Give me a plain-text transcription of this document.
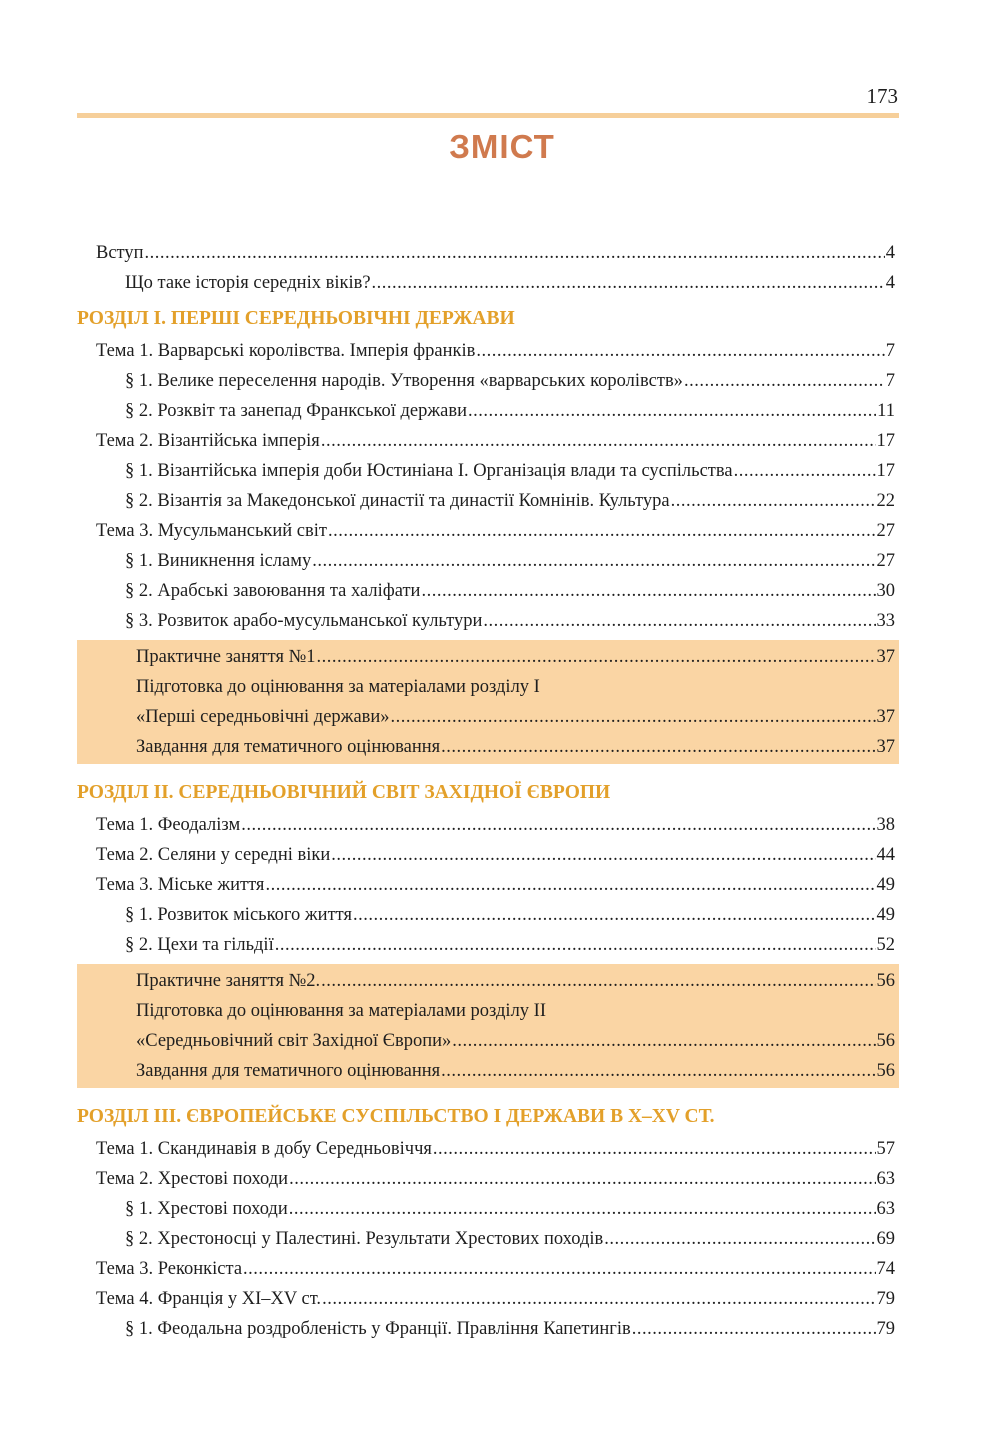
173
ЗМІСТ
Вступ .....	4
Що таке історія середніх віків? .....	4
РОЗДІЛ І. ПЕРШІ СЕРЕДНЬОВІЧНІ ДЕРЖАВИ
Тема 1. Варварські королівства. Імперія франків .....	7
§ 1. Велике переселення народів. Утворення «варварських королівств» .....	7
§ 2. Розквіт та занепад Франкської держави .....	11
Тема 2. Візантійська імперія .....	17
§ 1. Візантійська імперія доби Юстиніана І. Організація влади та суспільства .....	17
§ 2. Візантія за Македонської династії та династії Комнінів. Культура .....	22
Тема 3. Мусульманський світ .....	27
§ 1. Виникнення ісламу .....	27
§ 2. Арабські завоювання та халіфати .....	30
§ 3. Розвиток арабо-мусульманської культури .....	33
Практичне заняття №1 .....	37
Підготовка до оцінювання за матеріалами розділу І
«Перші середньовічні держави» .....	37
Завдання для тематичного оцінювання .....	37
РОЗДІЛ ІІ. СЕРЕДНЬОВІЧНИЙ СВІТ ЗАХІДНОЇ ЄВРОПИ
Тема 1. Феодалізм .....	38
Тема 2. Селяни у середні віки .....	44
Тема 3. Міське життя .....	49
§ 1. Розвиток міського життя .....	49
§ 2. Цехи та гільдії .....	52
Практичне заняття №2. .....	56
Підготовка до оцінювання за матеріалами розділу ІІ
«Середньовічний світ Західної Європи» .....	56
Завдання для тематичного оцінювання .....	56
РОЗДІЛ ІІІ. ЄВРОПЕЙСЬКЕ СУСПІЛЬСТВО І ДЕРЖАВИ В X–XV СТ.
Тема 1. Скандинавія в добу Середньовіччя .....	57
Тема 2. Хрестові походи .....	63
§ 1. Хрестові походи .....	63
§ 2. Хрестоносці у Палестині. Результати Хрестових походів .....	69
Тема 3. Реконкіста .....	74
Тема 4. Франція у XI–XV ст. .....	79
§ 1. Феодальна роздробленість у Франції. Правління Капетингів .....	79
